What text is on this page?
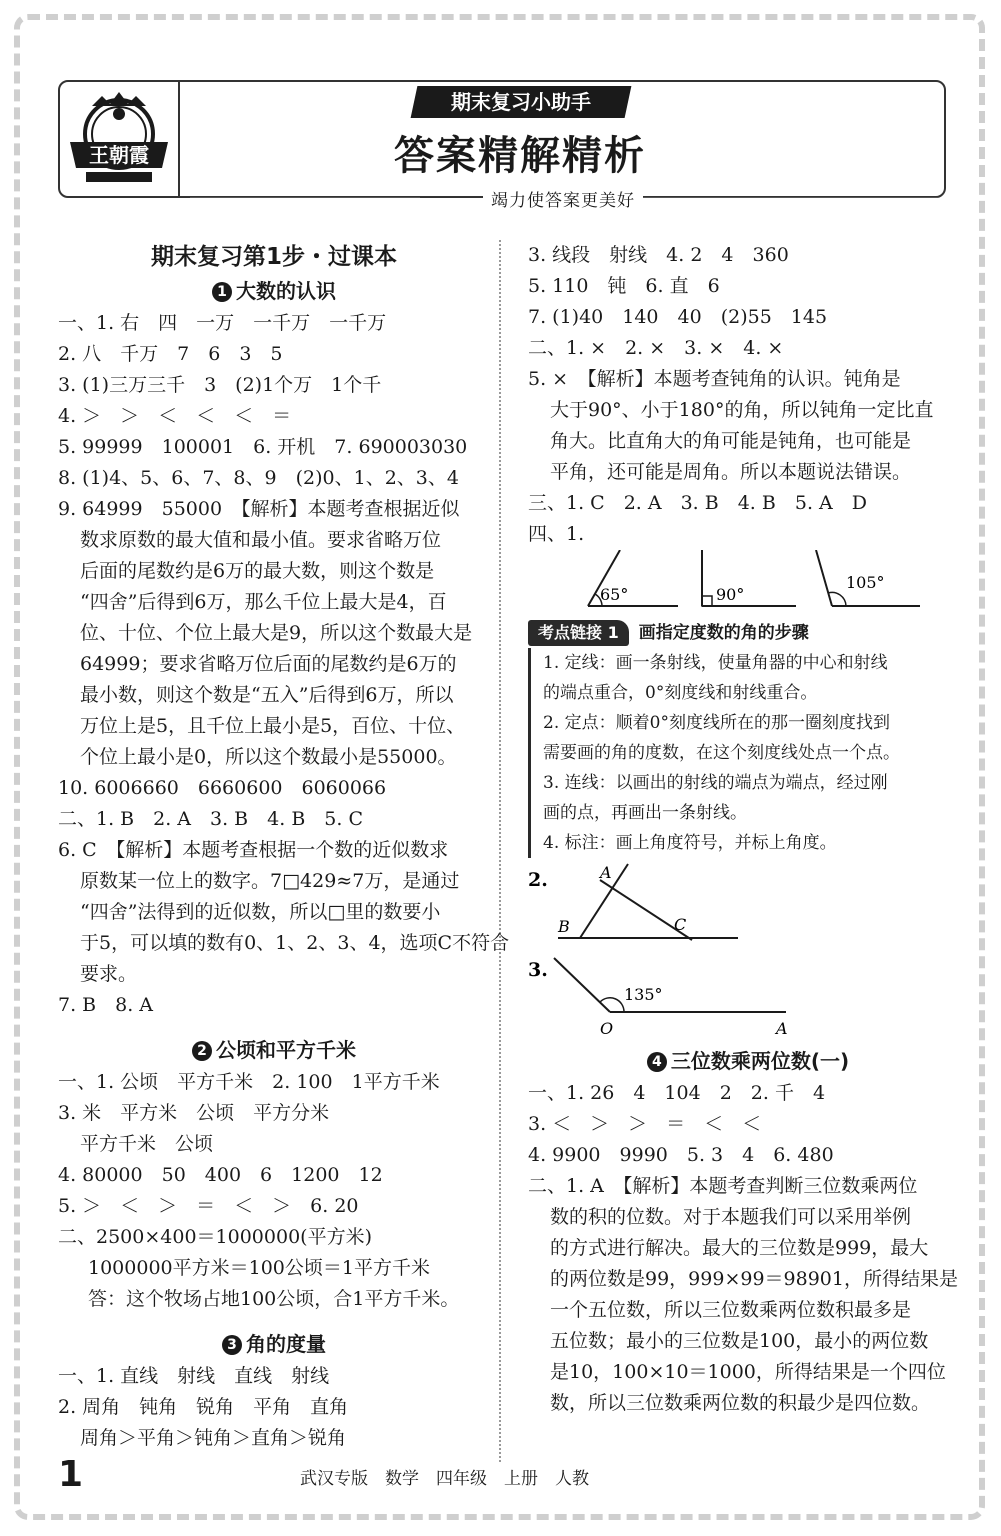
王朝霞
期末复习小助手
答案精解精析
竭力使答案更美好
期末复习第1步・过课本
1 大数的认识
一、1. 右　四　一万　一千万　一千万
2. 八　千万　7　6　3　5
3. (1)三万三千　3　(2)1个万　1个千
4. ＞　＞　＜　＜　＜　＝
5. 99999　100001　6. 开机　7. 690003030
8. (1)4、5、6、7、8、9　(2)0、1、2、3、4
9. 64999　55000　【解析】本题考查根据近似
数求原数的最大值和最小值。要求省略万位
后面的尾数约是6万的最大数，则这个数是
“四舍”后得到6万，那么千位上最大是4，百
位、十位、个位上最大是9，所以这个数最大是
64999；要求省略万位后面的尾数约是6万的
最小数，则这个数是“五入”后得到6万，所以
万位上是5，且千位上最小是5，百位、十位、
个位上最小是0，所以这个数最小是55000。
10. 6006660　6660600　6060066
二、1. B　2. A　3. B　4. B　5. C
6. C　【解析】本题考查根据一个数的近似数求
原数某一位上的数字。7□429≈7万，是通过
“四舍”法得到的近似数，所以□里的数要小
于5，可以填的数有0、1、2、3、4，选项C不符合
要求。
7. B　8. A
2 公顷和平方千米
一、1. 公顷　平方千米　2. 100　1平方千米
3. 米　平方米　公顷　平方分米
平方千米　公顷
4. 80000　50　400　6　1200　12
5. ＞　＜　＞　＝　＜　＞　6. 20
二、2500×400＝1000000(平方米)
1000000平方米＝100公顷＝1平方千米
答：这个牧场占地100公顷，合1平方千米。
3 角的度量
一、1. 直线　射线　直线　射线
2. 周角　钝角　锐角　平角　直角
周角＞平角＞钝角＞直角＞锐角
3. 线段　射线　4. 2　4　360
5. 110　钝　6. 直　6
7. (1)40　140　40　(2)55　145
二、1. ×　2. ×　3. ×　4. ×
5. ×　【解析】本题考查钝角的认识。钝角是
大于90°、小于180°的角，所以钝角一定比直
角大。比直角大的角可能是钝角，也可能是
平角，还可能是周角。所以本题说法错误。
三、1. C　2. A　3. B　4. B　5. A　D
四、1.
65°	90°
105°
考点链接 1	画指定度数的角的步骤
1. 定线：画一条射线，使量角器的中心和射线
的端点重合，0°刻度线和射线重合。
2. 定点：顺着0°刻度线所在的那一圈刻度找到
需要画的角的度数，在这个刻度线处点一个点。
3. 连线：以画出的射线的端点为端点，经过刚
画的点，再画出一条射线。
4. 标注：画上角度符号，并标上角度。
2.	A
B	C
3.
135°
O	A
4 三位数乘两位数(一)
一、1. 26　4　104　2　2. 千　4
3. ＜　＞　＞　＝　＜　＜
4. 9900　9990　5. 3　4　6. 480
二、1. A　【解析】本题考查判断三位数乘两位
数的积的位数。对于本题我们可以采用举例
的方式进行解决。最大的三位数是999，最大
的两位数是99，999×99＝98901，所得结果是
一个五位数，所以三位数乘两位数积最多是
五位数；最小的三位数是100，最小的两位数
是10，100×10＝1000，所得结果是一个四位
数，所以三位数乘两位数的积最少是四位数。
1	武汉专版　数学　四年级　上册　人教
